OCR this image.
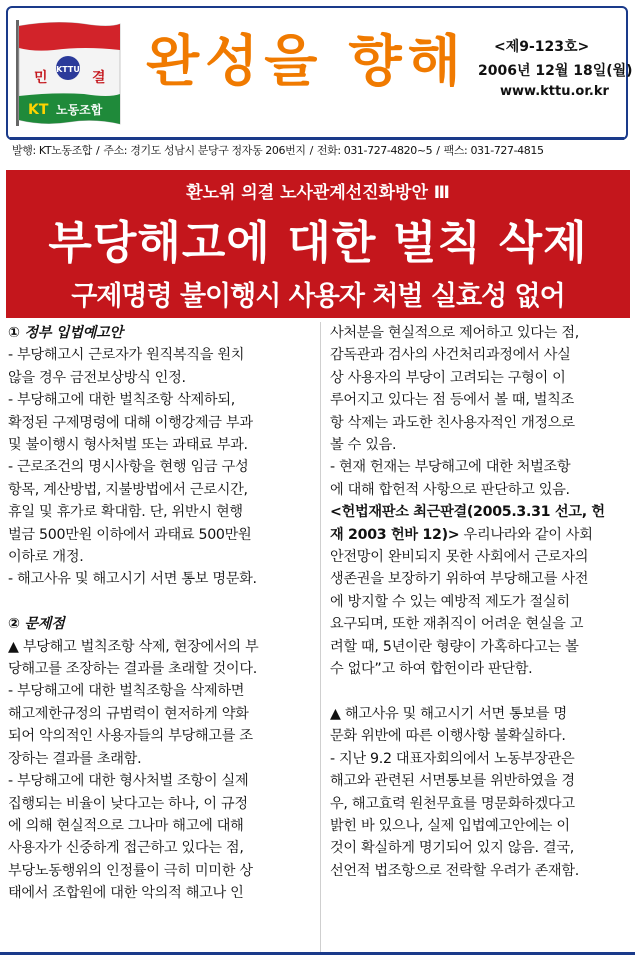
KTTU
민	결
KT 노동조합
완성을 향해 <제9-123호>
2006년 12월 18일(월)
www.kttu.or.kr
발행: KT노동조합 / 주소: 경기도 성남시 분당구 정자동 206번지 / 전화: 031-727-4820~5 / 팩스: 031-727-4815
환노위 의결 노사관계선진화방안 Ⅲ
부당해고에 대한 벌칙 삭제
구제명령 불이행시 사용자 처벌 실효성 없어

① 정부 입법예고안

- 부당해고시 근로자가 원직복직을 원치

않을 경우 금전보상방식 인정.

- 부당해고에 대한 벌칙조항 삭제하되,

확정된 구제명령에 대해 이행강제금 부과

및 불이행시 형사처벌 또는 과태료 부과.

- 근로조건의 명시사항을 현행 임금 구성

항목, 계산방법, 지불방법에서 근로시간,

휴일 및 휴가로 확대함. 단, 위반시 현행

벌금 500만원 이하에서 과태료 500만원

이하로 개정.

- 해고사유 및 해고시기 서면 통보 명문화.

② 문제점

▲ 부당해고 벌칙조항 삭제, 현장에서의 부

당해고를 조장하는 결과를 초래할 것이다.

- 부당해고에 대한 벌칙조항을 삭제하면

해고제한규정의 규범력이 현저하게 약화

되어 악의적인 사용자들의 부당해고를 조

장하는 결과를 초래함.

- 부당해고에 대한 형사처벌 조항이 실제

집행되는 비율이 낮다고는 하나, 이 규정

에 의해 현실적으로 그나마 해고에 대해

사용자가 신중하게 접근하고 있다는 점,

부당노동행위의 인정률이 극히 미미한 상

태에서 조합원에 대한 악의적 해고나 인

사처분을 현실적으로 제어하고 있다는 점,

감독관과 검사의 사건처리과정에서 사실

상 사용자의 부당이 고려되는 구형이 이

루어지고 있다는 점 등에서 볼 때, 벌칙조

항 삭제는 과도한 친사용자적인 개정으로

볼 수 있음.

- 현재 헌재는 부당해고에 대한 처벌조항

에 대해 합헌적 사항으로 판단하고 있음.

<헌법재판소 최근판결(2005.3.31 선고, 헌

재 2003 헌바 12)> 우리나라와 같이 사회

안전망이 완비되지 못한 사회에서 근로자의

생존권을 보장하기 위하여 부당해고를 사전

에 방지할 수 있는 예방적 제도가 절실히

요구되며, 또한 재취직이 어려운 현실을 고

려할 때, 5년이란 형량이 가혹하다고는 볼

수 없다”고 하여 합헌이라 판단함.

▲ 해고사유 및 해고시기 서면 통보를 명

문화 위반에 따른 이행사항 불확실하다.

- 지난 9.2 대표자회의에서 노동부장관은

해고와 관련된 서면통보를 위반하였을 경

우, 해고효력 원천무효를 명문화하겠다고

밝힌 바 있으나, 실제 입법예고안에는 이

것이 확실하게 명기되어 있지 않음. 결국,

선언적 법조항으로 전락할 우려가 존재함.
